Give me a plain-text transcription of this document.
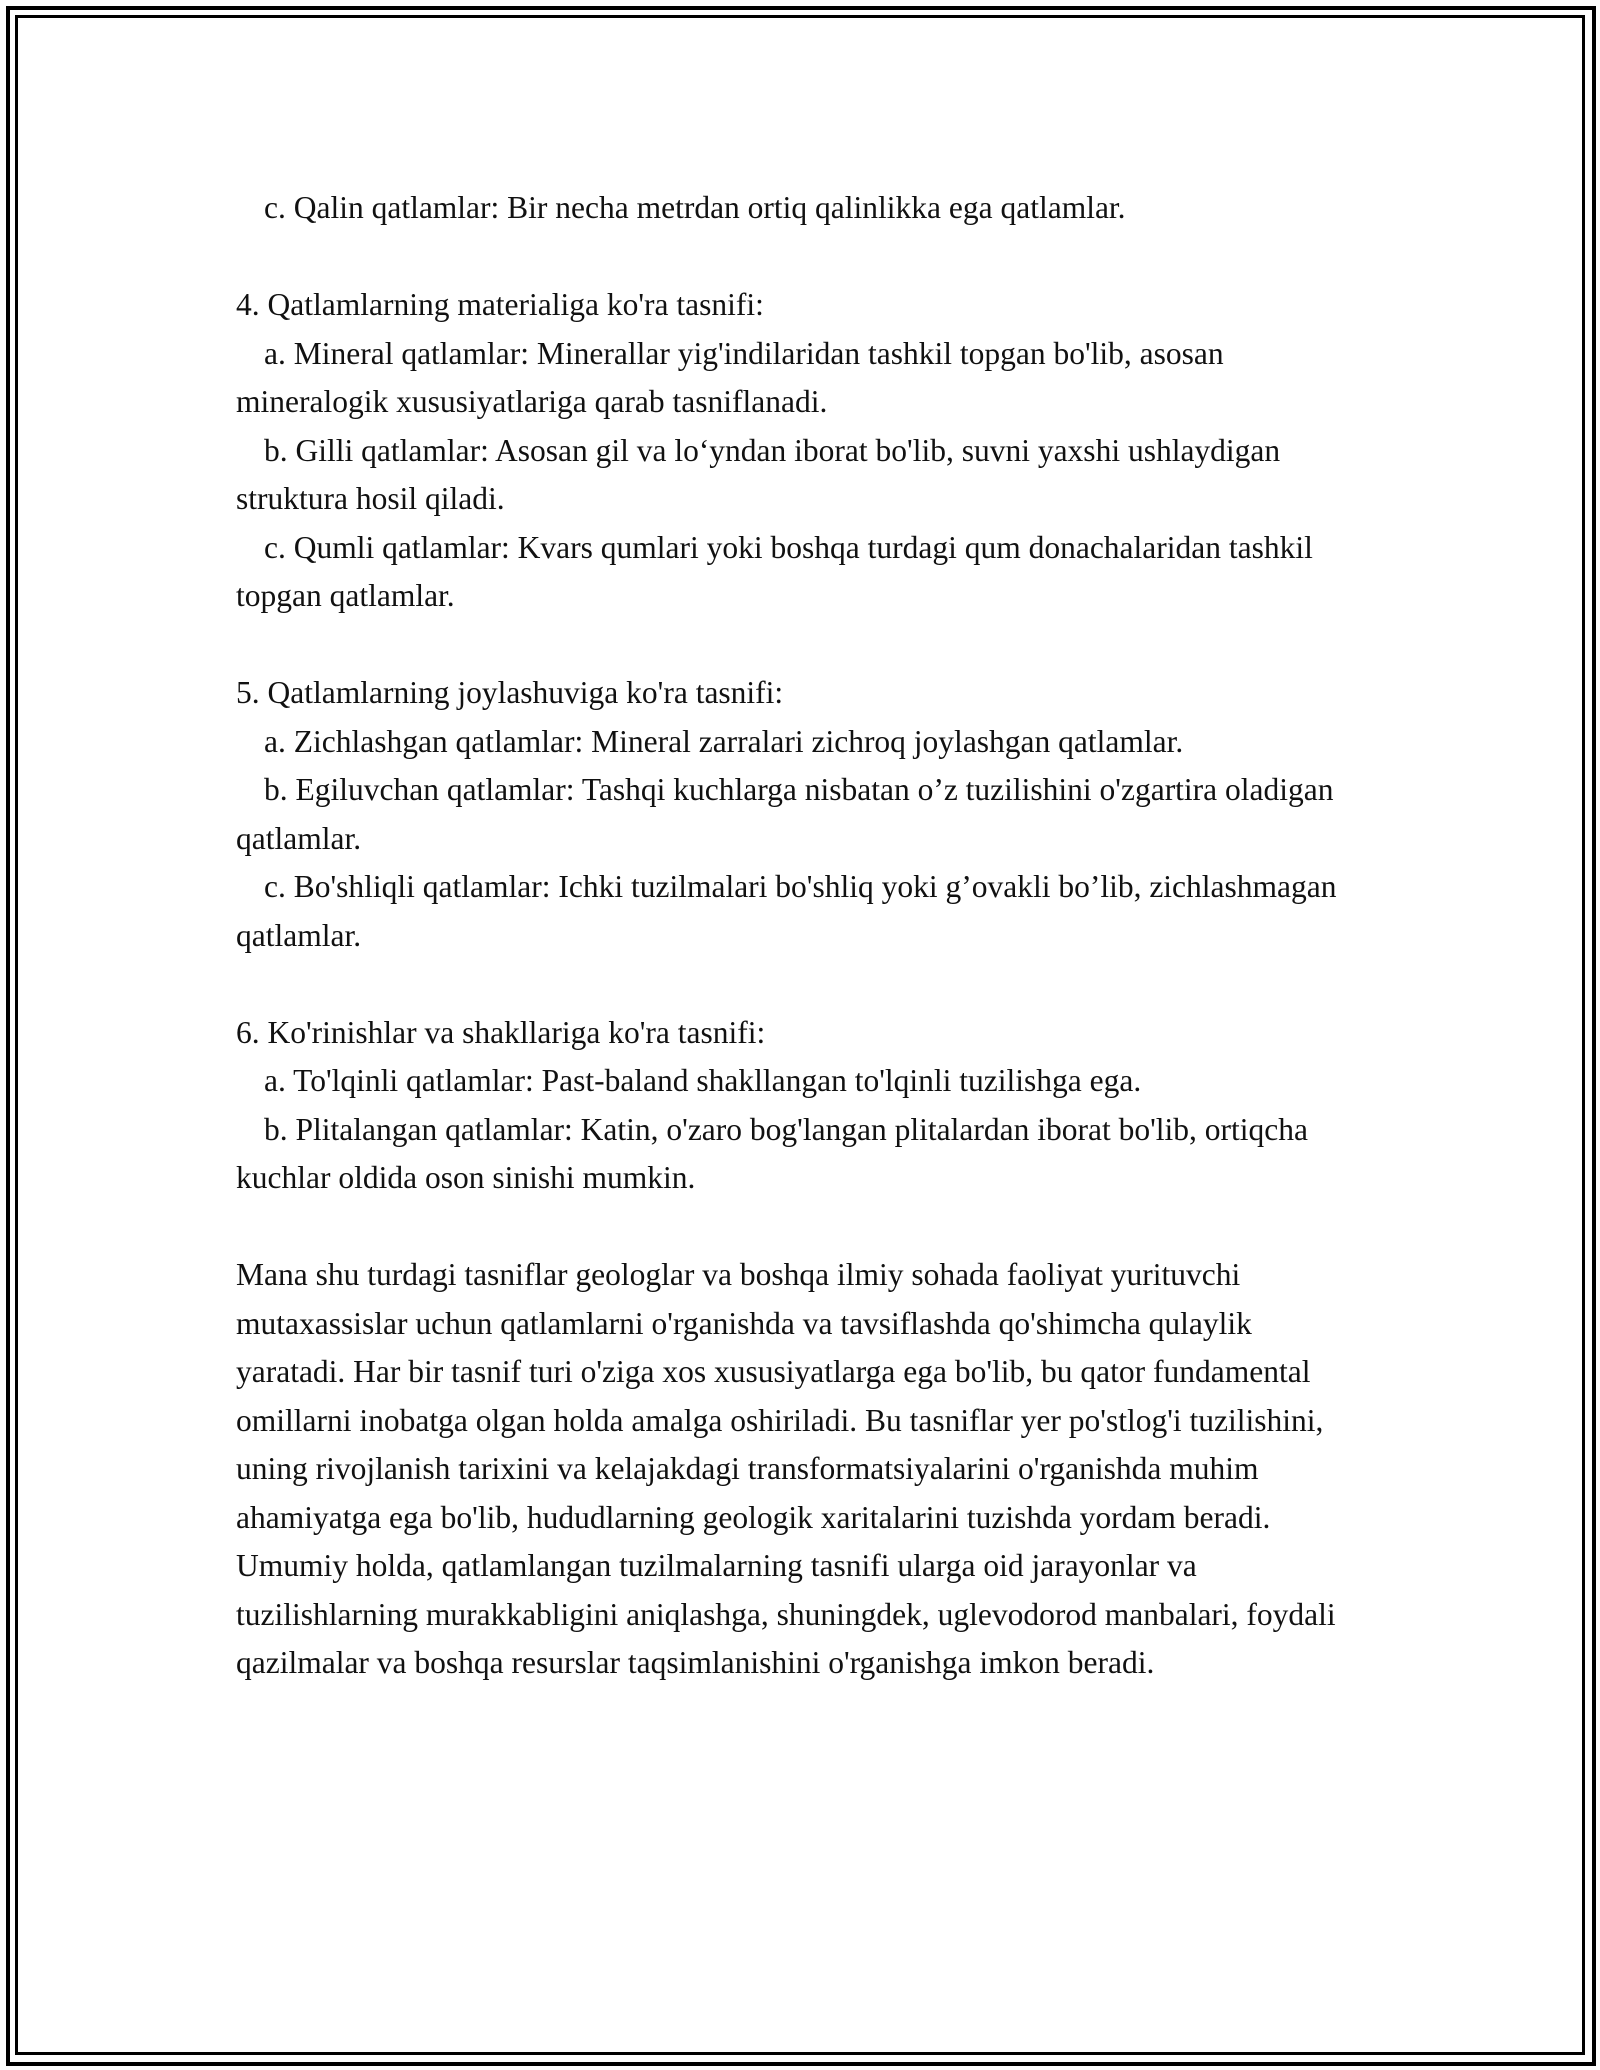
c. Qalin qatlamlar: Bir necha metrdan ortiq qalinlikka ega qatlamlar.

4. Qatlamlarning materialiga ko'ra tasnifi:

a. Mineral qatlamlar: Minerallar yig'indilaridan tashkil topgan bo'lib, asosan mineralogik xususiyatlariga qarab tasniflanadi.

b. Gilli qatlamlar: Asosan gil va lo‘yndan iborat bo'lib, suvni yaxshi ushlaydigan struktura hosil qiladi.

c. Qumli qatlamlar: Kvars qumlari yoki boshqa turdagi qum donachalaridan tashkil topgan qatlamlar.

5. Qatlamlarning joylashuviga ko'ra tasnifi:

a. Zichlashgan qatlamlar: Mineral zarralari zichroq joylashgan qatlamlar.

b. Egiluvchan qatlamlar: Tashqi kuchlarga nisbatan o’z tuzilishini o'zgartira oladigan qatlamlar.

c. Bo'shliqli qatlamlar: Ichki tuzilmalari bo'shliq yoki g’ovakli bo’lib, zichlashmagan qatlamlar.

6. Ko'rinishlar va shakllariga ko'ra tasnifi:

a. To'lqinli qatlamlar: Past-baland shakllangan to'lqinli tuzilishga ega.

b. Plitalangan qatlamlar: Katin, o'zaro bog'langan plitalardan iborat bo'lib, ortiqcha kuchlar oldida oson sinishi mumkin.

Mana shu turdagi tasniflar geologlar va boshqa ilmiy sohada faoliyat yurituvchi mutaxassislar uchun qatlamlarni o'rganishda va tavsiflashda qo'shimcha qulaylik yaratadi. Har bir tasnif turi o'ziga xos xususiyatlarga ega bo'lib, bu qator fundamental omillarni inobatga olgan holda amalga oshiriladi. Bu tasniflar yer po'stlog'i tuzilishini, uning rivojlanish tarixini va kelajakdagi transformatsiyalarini o'rganishda muhim ahamiyatga ega bo'lib, hududlarning geologik xaritalarini tuzishda yordam beradi. Umumiy holda, qatlamlangan tuzilmalarning tasnifi ularga oid jarayonlar va tuzilishlarning murakkabligini aniqlashga, shuningdek, uglevodorod manbalari, foydali qazilmalar va boshqa resurslar taqsimlanishini o'rganishga imkon beradi.
